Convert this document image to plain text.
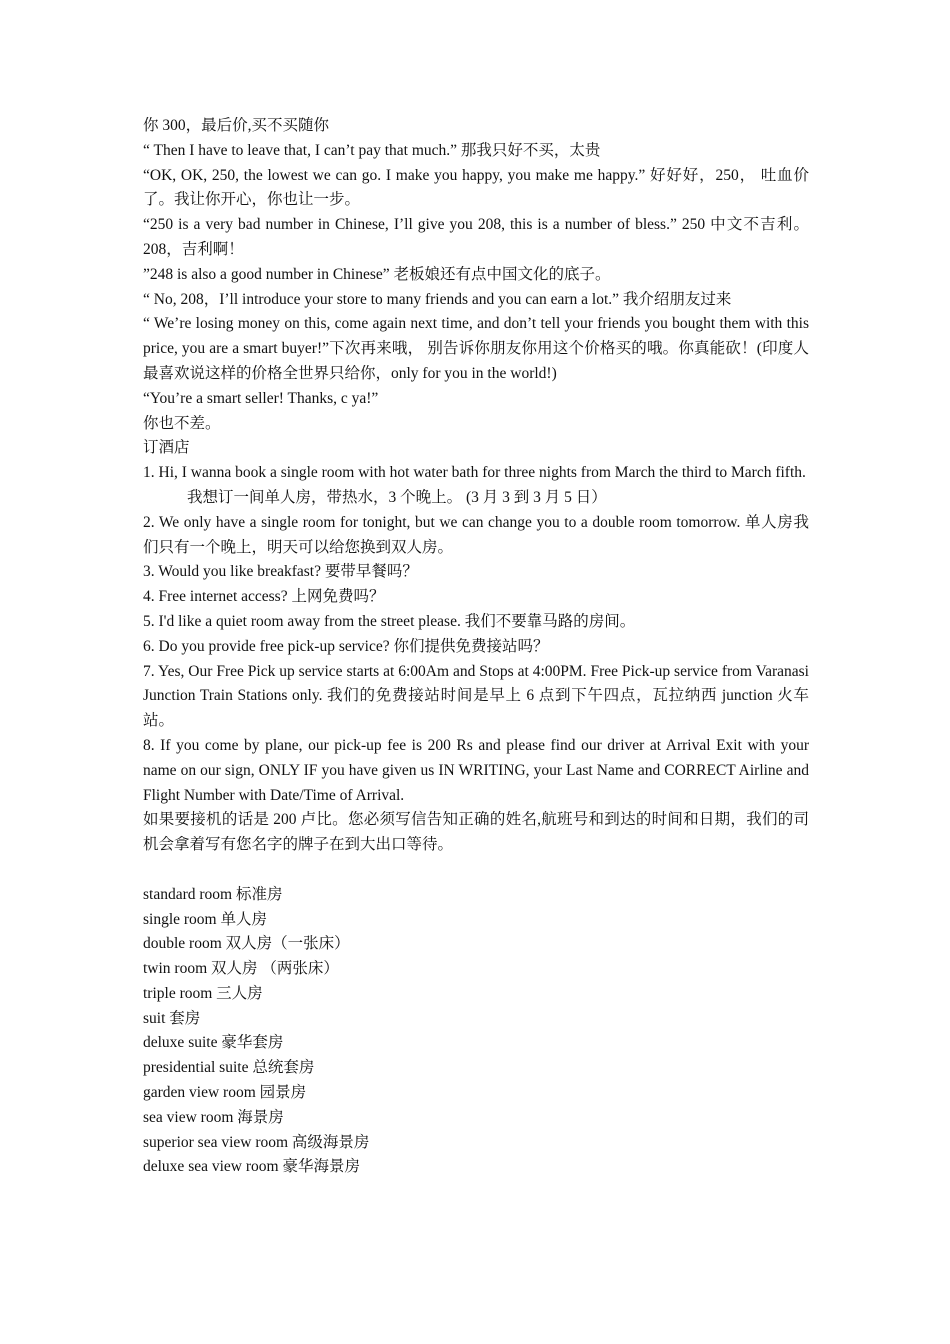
你 300，最后价,买不买随你

“ Then I have to leave that, I can’t pay that much.” 那我只好不买，太贵

“OK, OK, 250, the lowest we can go. I make you happy, you make me happy.” 好好好，250， 吐血价了。我让你开心，你也让一步。

“250 is a very bad number in Chinese, I’ll give you 208, this is a number of bless.” 250 中文不吉利。208，吉利啊！

”248 is also a good number in Chinese” 老板娘还有点中国文化的底子。

“ No, 208，I’ll introduce your store to many friends and you can earn a lot.” 我介绍朋友过来

“ We’re losing money on this, come again next time, and don’t tell your friends you bought them with this price, you are a smart buyer!”下次再来哦， 别告诉你朋友你用这个价格买的哦。你真能砍！(印度人最喜欢说这样的价格全世界只给你，only for you in the world!)

“You’re a smart seller! Thanks, c ya!”

你也不差。

订酒店

1. Hi, I wanna book a single room with hot water bath for three nights from March the third to March fifth.

我想订一间单人房，带热水，3 个晚上。 (3 月 3 到 3 月 5 日）

2. We only have a single room for tonight, but we can change you to a double room tomorrow. 单人房我们只有一个晚上，明天可以给您换到双人房。

3. Would you like breakfast? 要带早餐吗？

4. Free internet access? 上网免费吗？

5. I'd like a quiet room away from the street please. 我们不要靠马路的房间。

6. Do you provide free pick-up service? 你们提供免费接站吗？

7. Yes, Our Free Pick up service starts at 6:00Am and Stops at 4:00PM. Free Pick-up service from Varanasi Junction Train Stations only. 我们的免费接站时间是早上 6 点到下午四点，瓦拉纳西 junction 火车站。

8. If you come by plane, our pick-up fee is 200 Rs and please find our driver at Arrival Exit with your name on our sign, ONLY IF you have given us IN WRITING, your Last Name and CORRECT Airline and Flight Number with Date/Time of Arrival.

如果要接机的话是 200 卢比。您必须写信告知正确的姓名,航班号和到达的时间和日期，我们的司机会拿着写有您名字的牌子在到大出口等待。

standard room 标准房

single room 单人房

double room 双人房（一张床）

twin room 双人房 （两张床）

triple room 三人房

suit 套房

deluxe suite 豪华套房

presidential suite 总统套房

garden view room 园景房

sea view room 海景房

superior sea view room 高级海景房

deluxe sea view room 豪华海景房
